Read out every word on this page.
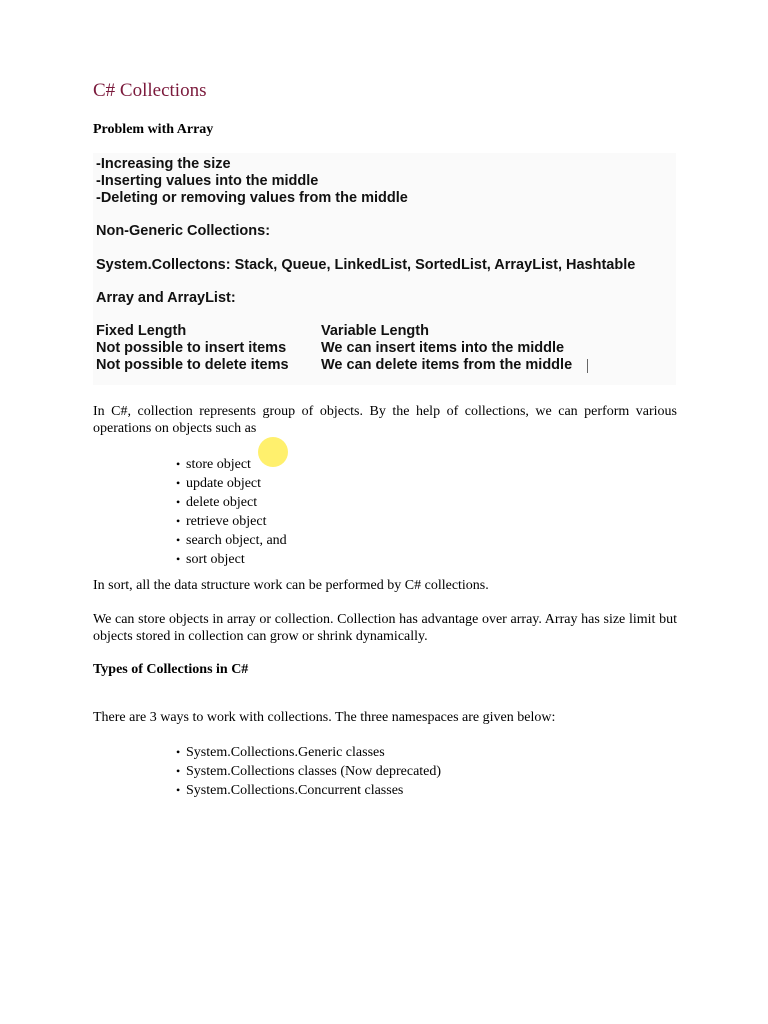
C# Collections
Problem with Array
-Increasing the size
-Inserting values into the middle
-Deleting or removing values from the middle
Non-Generic Collections:
System.Collectons: Stack, Queue, LinkedList, SortedList, ArrayList, Hashtable
Array and ArrayList:
Fixed Length
Not possible to insert items
Not possible to delete items
Variable Length
We can insert items into the middle
We can delete items from the middle

In C#, collection represents group of objects. By the help of collections, we can perform various operations on objects such as

• store object
• update object
• delete object
• retrieve object
• search object, and
• sort object

In sort, all the data structure work can be performed by C# collections.

We can store objects in array or collection. Collection has advantage over array. Array has size limit but objects stored in collection can grow or shrink dynamically.

Types of Collections in C#

There are 3 ways to work with collections. The three namespaces are given below:

• System.Collections.Generic classes
• System.Collections classes (Now deprecated)
• System.Collections.Concurrent classes
